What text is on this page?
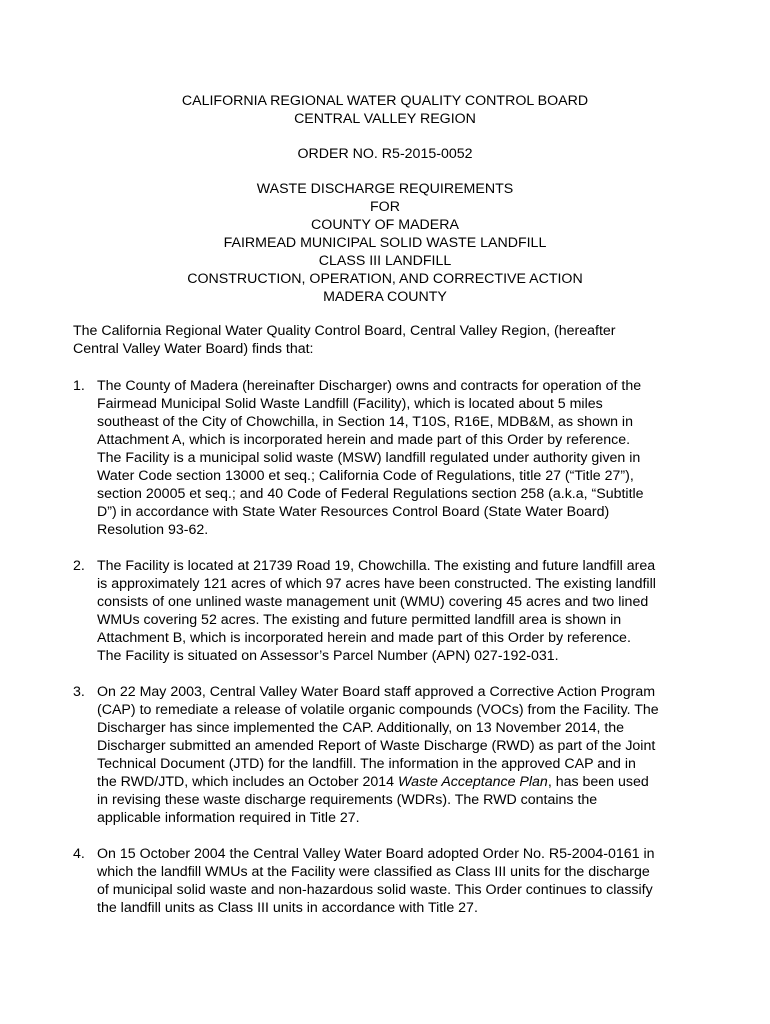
CALIFORNIA REGIONAL WATER QUALITY CONTROL BOARD
CENTRAL VALLEY REGION
ORDER NO. R5-2015-0052
WASTE DISCHARGE REQUIREMENTS
FOR
COUNTY OF MADERA
FAIRMEAD MUNICIPAL SOLID WASTE LANDFILL
CLASS III LANDFILL
CONSTRUCTION, OPERATION, AND CORRECTIVE ACTION
MADERA COUNTY
The California Regional Water Quality Control Board, Central Valley Region, (hereafter
Central Valley Water Board) finds that:
1. The County of Madera (hereinafter Discharger) owns and contracts for operation of the
Fairmead Municipal Solid Waste Landfill (Facility), which is located about 5 miles
southeast of the City of Chowchilla, in Section 14, T10S, R16E, MDB&M, as shown in
Attachment A, which is incorporated herein and made part of this Order by reference.
The Facility is a municipal solid waste (MSW) landfill regulated under authority given in
Water Code section 13000 et seq.; California Code of Regulations, title 27 (“Title 27”),
section 20005 et seq.; and 40 Code of Federal Regulations section 258 (a.k.a, “Subtitle
D”) in accordance with State Water Resources Control Board (State Water Board)
Resolution 93-62.
2. The Facility is located at 21739 Road 19, Chowchilla. The existing and future landfill area
is approximately 121 acres of which 97 acres have been constructed. The existing landfill
consists of one unlined waste management unit (WMU) covering 45 acres and two lined
WMUs covering 52 acres. The existing and future permitted landfill area is shown in
Attachment B, which is incorporated herein and made part of this Order by reference.
The Facility is situated on Assessor’s Parcel Number (APN) 027-192-031.
3. On 22 May 2003, Central Valley Water Board staff approved a Corrective Action Program
(CAP) to remediate a release of volatile organic compounds (VOCs) from the Facility. The
Discharger has since implemented the CAP. Additionally, on 13 November 2014, the
Discharger submitted an amended Report of Waste Discharge (RWD) as part of the Joint
Technical Document (JTD) for the landfill. The information in the approved CAP and in
the RWD/JTD, which includes an October 2014 Waste Acceptance Plan, has been used
in revising these waste discharge requirements (WDRs). The RWD contains the
applicable information required in Title 27.
4. On 15 October 2004 the Central Valley Water Board adopted Order No. R5-2004-0161 in
which the landfill WMUs at the Facility were classified as Class III units for the discharge
of municipal solid waste and non-hazardous solid waste. This Order continues to classify
the landfill units as Class III units in accordance with Title 27.
